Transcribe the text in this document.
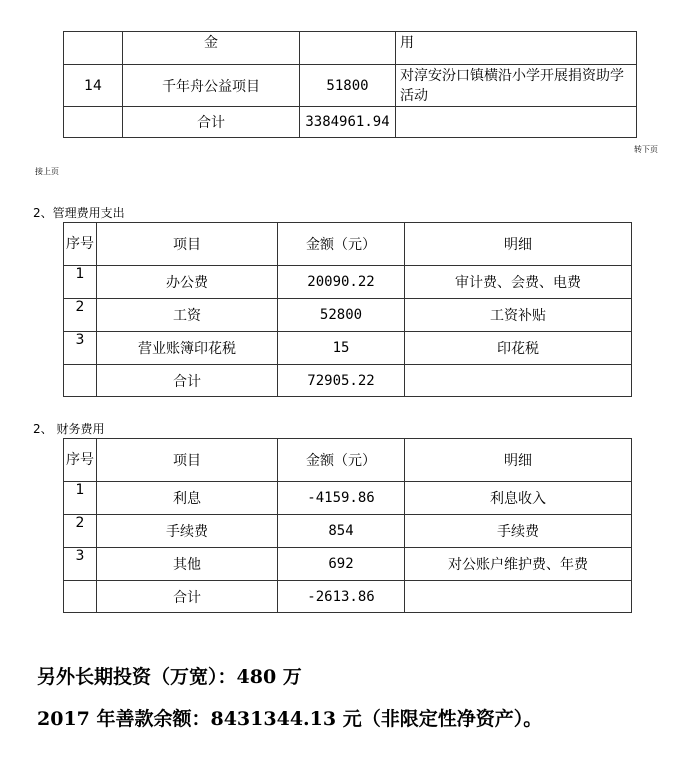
	金		用
14	千年舟公益项目	51800	对淳安汾口镇横沿小学开展捐资助学活动
	合计	3384961.94	
转下页
接上页
2、管理费用支出
序号	项目	金额（元）	明细
1	办公费	20090.22	审计费、会费、电费
2	工资	52800	工资补贴
3	营业账簿印花税	15	印花税
	合计	72905.22	
2、 财务费用
序号	项目	金额（元）	明细
1	利息	-4159.86	利息收入
2	手续费	854	手续费
3	其他	692	对公账户维护费、年费
	合计	-2613.86	
另外长期投资（万宽）：480 万
2017 年善款余额：8431344.13 元（非限定性净资产）。
